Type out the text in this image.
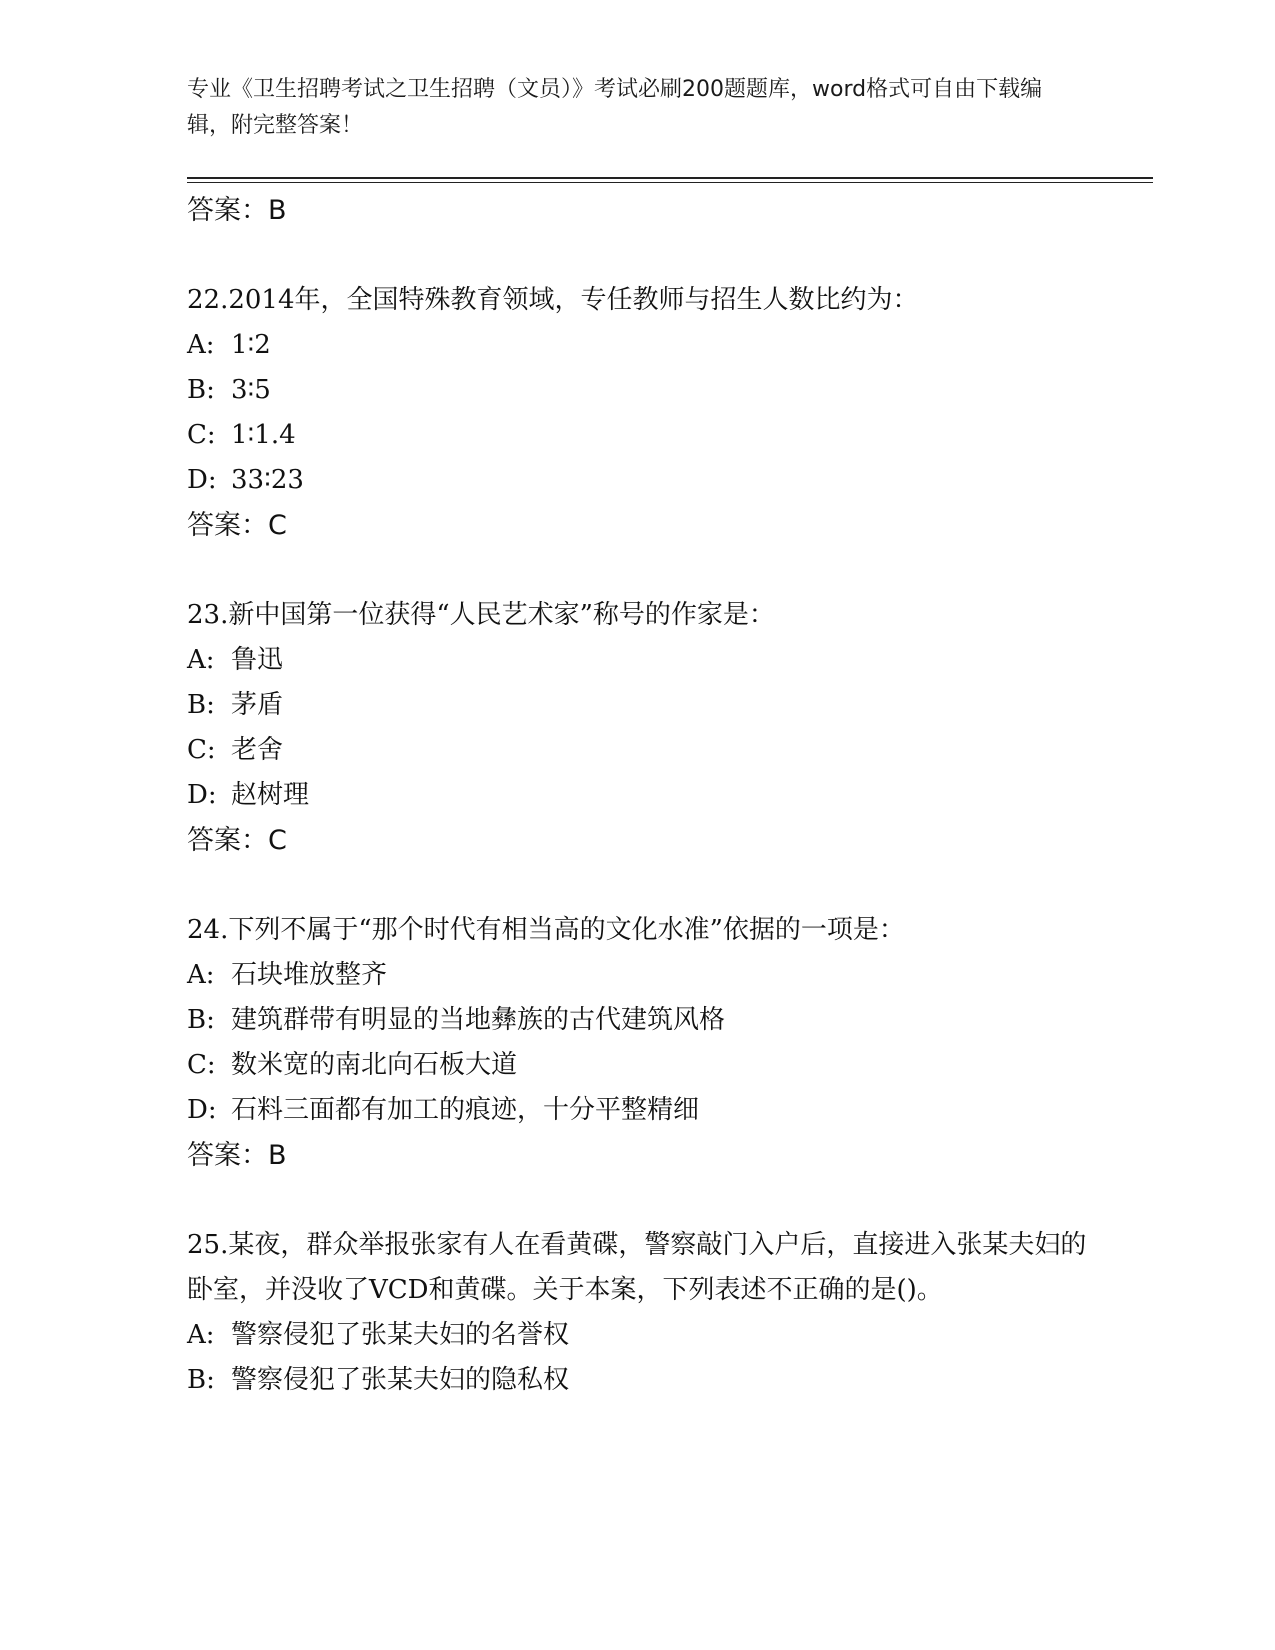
专业《卫生招聘考试之卫生招聘（文员）》考试必刷200题题库，word格式可自由下载编辑，附完整答案！
答案：B
22.2014年，全国特殊教育领域，专任教师与招生人数比约为：
A: 1∶2
B: 3∶5
C: 1∶1.4
D: 33∶23
答案：C
23.新中国第一位获得“人民艺术家”称号的作家是：
A: 鲁迅
B: 茅盾
C: 老舍
D: 赵树理
答案：C
24.下列不属于“那个时代有相当高的文化水准”依据的一项是：
A: 石块堆放整齐
B: 建筑群带有明显的当地彝族的古代建筑风格
C: 数米宽的南北向石板大道
D: 石料三面都有加工的痕迹，十分平整精细
答案：B
25.某夜，群众举报张家有人在看黄碟，警察敲门入户后，直接进入张某夫妇的卧室，并没收了VCD和黄碟。关于本案，下列表述不正确的是()。
A: 警察侵犯了张某夫妇的名誉权
B: 警察侵犯了张某夫妇的隐私权
